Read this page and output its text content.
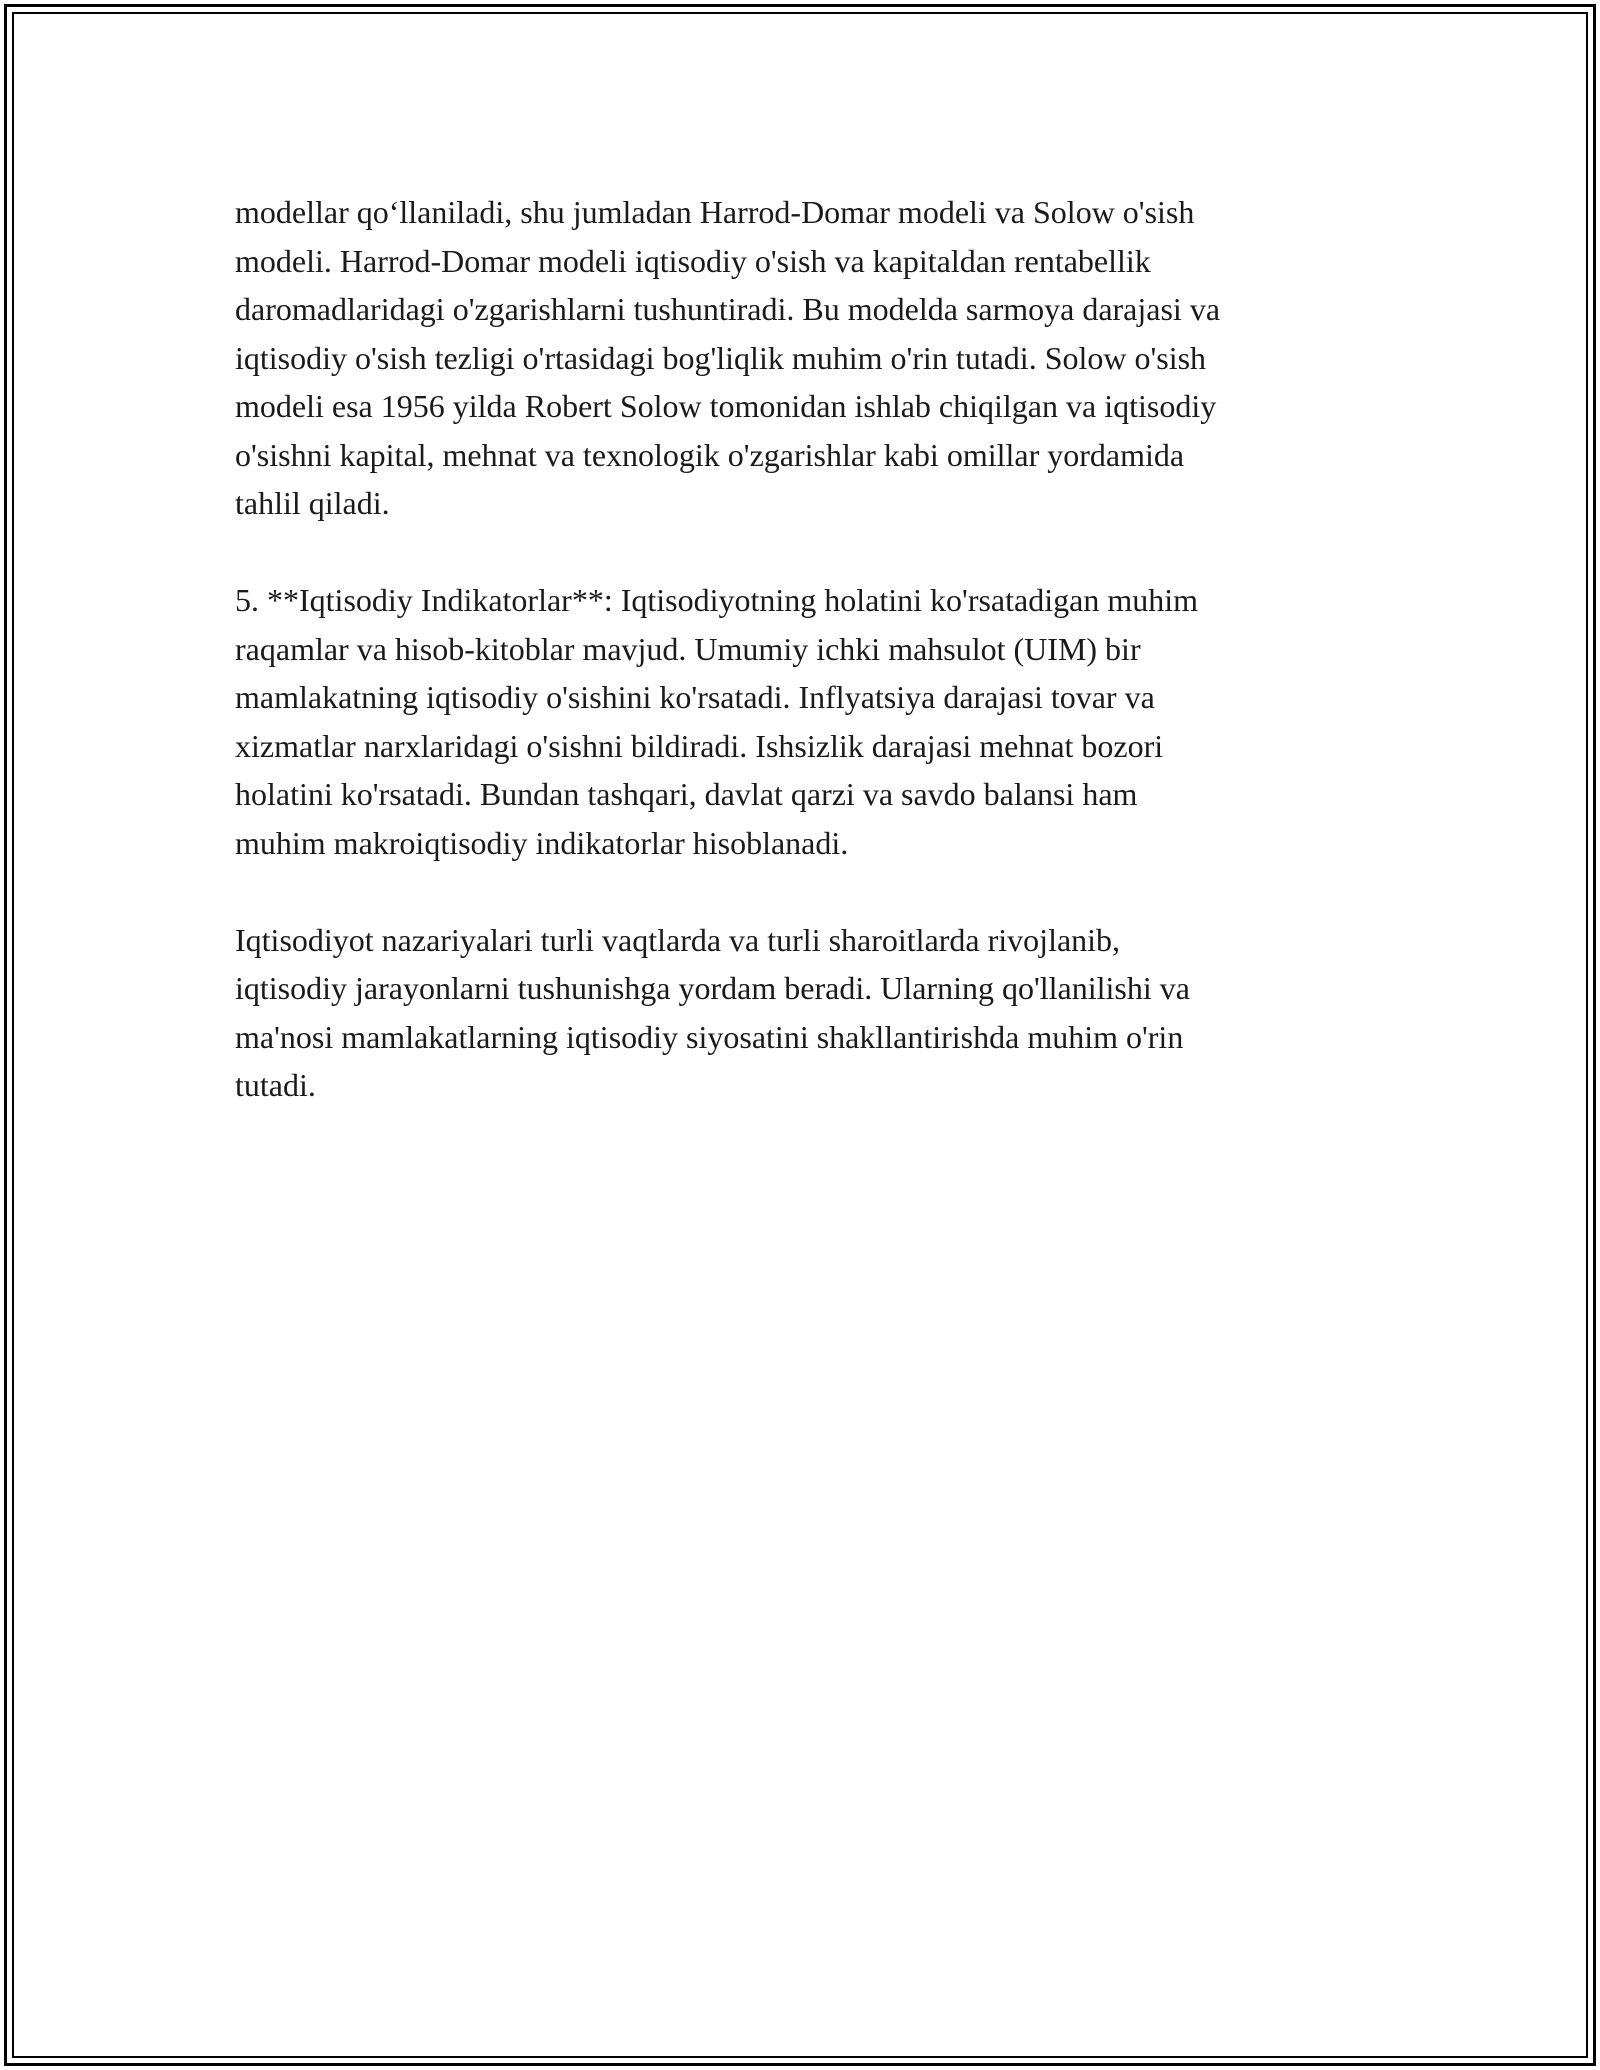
modellar qo‘llaniladi, shu jumladan Harrod-Domar modeli va Solow o'sish
modeli. Harrod-Domar modeli iqtisodiy o'sish va kapitaldan rentabellik
daromadlaridagi o'zgarishlarni tushuntiradi. Bu modelda sarmoya darajasi va
iqtisodiy o'sish tezligi o'rtasidagi bog'liqlik muhim o'rin tutadi. Solow o'sish
modeli esa 1956 yilda Robert Solow tomonidan ishlab chiqilgan va iqtisodiy
o'sishni kapital, mehnat va texnologik o'zgarishlar kabi omillar yordamida
tahlil qiladi.

5. **Iqtisodiy Indikatorlar**: Iqtisodiyotning holatini ko'rsatadigan muhim
raqamlar va hisob-kitoblar mavjud. Umumiy ichki mahsulot (UIM) bir
mamlakatning iqtisodiy o'sishini ko'rsatadi. Inflyatsiya darajasi tovar va
xizmatlar narxlaridagi o'sishni bildiradi. Ishsizlik darajasi mehnat bozori
holatini ko'rsatadi. Bundan tashqari, davlat qarzi va savdo balansi ham
muhim makroiqtisodiy indikatorlar hisoblanadi.

Iqtisodiyot nazariyalari turli vaqtlarda va turli sharoitlarda rivojlanib,
iqtisodiy jarayonlarni tushunishga yordam beradi. Ularning qo'llanilishi va
ma'nosi mamlakatlarning iqtisodiy siyosatini shakllantirishda muhim o'rin
tutadi.
